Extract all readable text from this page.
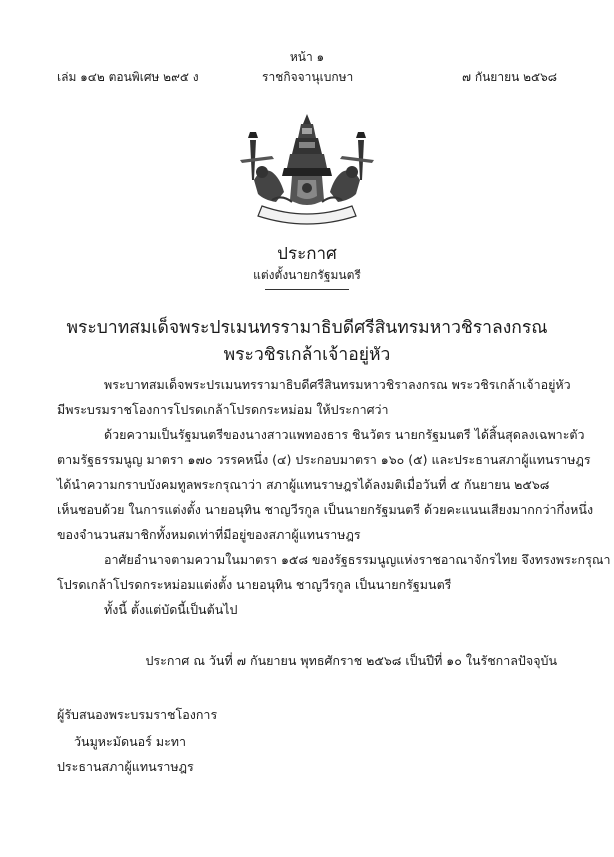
หน้า ๑
เล่ม ๑๔๒ ตอนพิเศษ ๒๙๕ ง	ราชกิจจานุเบกษา	๗ กันยายน ๒๕๖๘
ประกาศ
แต่งตั้งนายกรัฐมนตรี
พระบาทสมเด็จพระปรเมนทรรามาธิบดีศรีสินทรมหาวชิราลงกรณ
พระวชิรเกล้าเจ้าอยู่หัว
พระบาทสมเด็จพระปรเมนทรรามาธิบดีศรีสินทรมหาวชิราลงกรณ พระวชิรเกล้าเจ้าอยู่หัว
มีพระบรมราชโองการโปรดเกล้าโปรดกระหม่อม ให้ประกาศว่า
ด้วยความเป็นรัฐมนตรีของนางสาวแพทองธาร ชินวัตร นายกรัฐมนตรี ได้สิ้นสุดลงเฉพาะตัว
ตามรัฐธรรมนูญ มาตรา ๑๗๐ วรรคหนึ่ง (๔) ประกอบมาตรา ๑๖๐ (๕) และประธานสภาผู้แทนราษฎร
ได้นำความกราบบังคมทูลพระกรุณาว่า สภาผู้แทนราษฎรได้ลงมติเมื่อวันที่ ๕ กันยายน ๒๕๖๘
เห็นชอบด้วย ในการแต่งตั้ง นายอนุทิน ชาญวีรกูล เป็นนายกรัฐมนตรี ด้วยคะแนนเสียงมากกว่ากึ่งหนึ่ง
ของจำนวนสมาชิกทั้งหมดเท่าที่มีอยู่ของสภาผู้แทนราษฎร
อาศัยอำนาจตามความในมาตรา ๑๕๘ ของรัฐธรรมนูญแห่งราชอาณาจักรไทย จึงทรงพระกรุณา
โปรดเกล้าโปรดกระหม่อมแต่งตั้ง นายอนุทิน ชาญวีรกูล เป็นนายกรัฐมนตรี
ทั้งนี้ ตั้งแต่บัดนี้เป็นต้นไป
ประกาศ ณ วันที่ ๗ กันยายน พุทธศักราช ๒๕๖๘ เป็นปีที่ ๑๐ ในรัชกาลปัจจุบัน
ผู้รับสนองพระบรมราชโองการ
วันมูหะมัดนอร์ มะทา
ประธานสภาผู้แทนราษฎร
